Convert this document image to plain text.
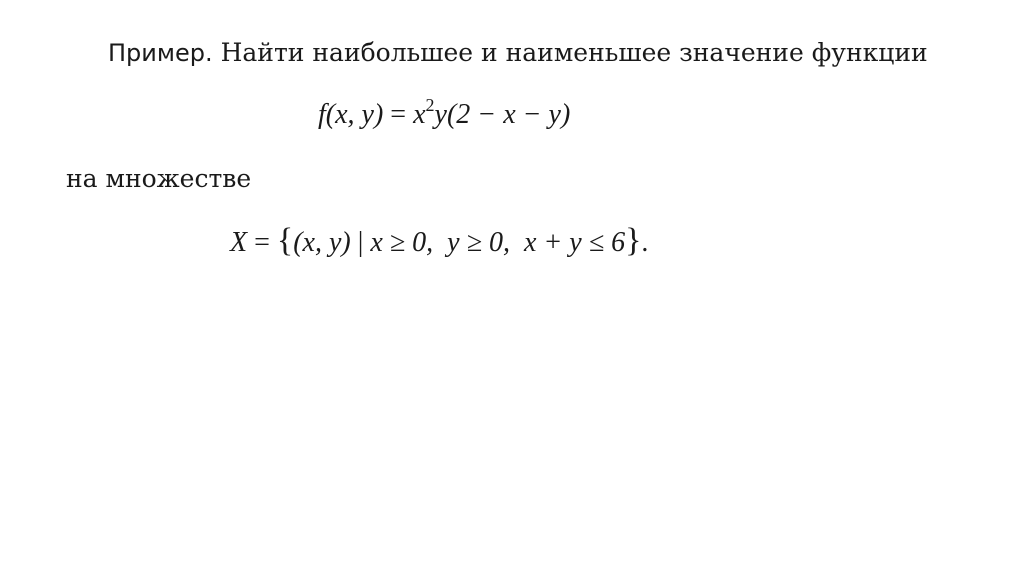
Пример. Найти наибольшее и наименьшее значение функции
f(x, $y) = x^2y(2 - x - y)$
на множестве
X = {(x, y) | x ≥ 0, y ≥ 0, x + y ≤ 6}.
